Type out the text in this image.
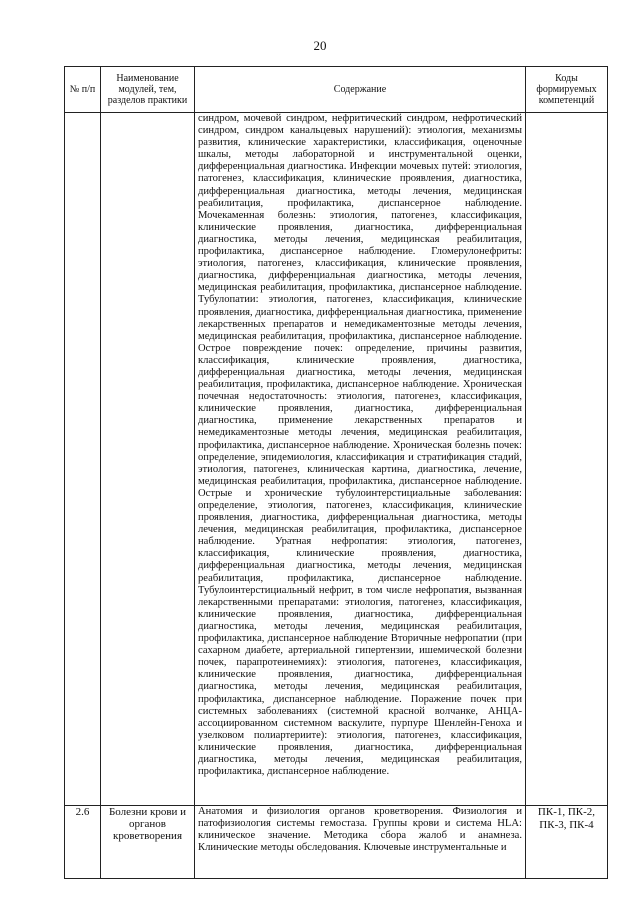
20
№ п/п	Наименование модулей, тем, разделов практики	Содержание	Коды формируемых компетенций
		синдром, мочевой синдром, нефритический синдром, нефротический синдром, синдром канальцевых нарушений): этиология, механизмы развития, клинические характеристики, классификация, оценочные шкалы, методы лабораторной и инструментальной оценки, дифференциальная диагностика. Инфекции мочевых путей: этиология, патогенез, классификация, клинические проявления, диагностика, дифференциальная диагностика, методы лечения, медицинская реабилитация, профилактика, диспансерное наблюдение. Мочекаменная болезнь: этиология, патогенез, классификация, клинические проявления, диагностика, дифференциальная диагностика, методы лечения, медицинская реабилитация, профилактика, диспансерное наблюдение. Гломерулонефриты: этиология, патогенез, классификация, клинические проявления, диагностика, дифференциальная диагностика, методы лечения, медицинская реабилитация, профилактика, диспансерное наблюдение. Тубулопатии: этиология, патогенез, классификация, клинические проявления, диагностика, дифференциальная диагностика, применение лекарственных препаратов и немедикаментозные методы лечения, медицинская реабилитация, профилактика, диспансерное наблюдение. Острое повреждение почек: определение, причины развития, классификация, клинические проявления, диагностика, дифференциальная диагностика, методы лечения, медицинская реабилитация, профилактика, диспансерное наблюдение. Хроническая почечная недостаточность: этиология, патогенез, классификация, клинические проявления, диагностика, дифференциальная диагностика, применение лекарственных препаратов и немедикаментозные методы лечения, медицинская реабилитация, профилактика, диспансерное наблюдение. Хроническая болезнь почек: определение, эпидемиология, классификация и стратификация стадий, этиология, патогенез, клиническая картина, диагностика, лечение, медицинская реабилитация, профилактика, диспансерное наблюдение. Острые и хронические тубулоинтерстициальные заболевания: определение, этиология, патогенез, классификация, клинические проявления, диагностика, дифференциальная диагностика, методы лечения, медицинская реабилитация, профилактика, диспансерное наблюдение. Уратная нефропатия: этиология, патогенез, классификация, клинические проявления, диагностика, дифференциальная диагностика, методы лечения, медицинская реабилитация, профилактика, диспансерное наблюдение. Тубулоинтерстициальный нефрит, в том числе нефропатия, вызванная лекарственными препаратами: этиология, патогенез, классификация, клинические проявления, диагностика, дифференциальная диагностика, методы лечения, медицинская реабилитация, профилактика, диспансерное наблюдение Вторичные нефропатии (при сахарном диабете, артериальной гипертензии, ишемической болезни почек, парапротеинемиях): этиология, патогенез, классификация, клинические проявления, диагностика, дифференциальная диагностика, методы лечения, медицинская реабилитация, профилактика, диспансерное наблюдение. Поражение почек при системных заболеваниях (системной красной волчанке, АНЦА-ассоциированном системном васкулите, пурпуре Шенлейн-Геноха и узелковом полиартериите): этиология, патогенез, классификация, клинические проявления, диагностика, дифференциальная диагностика, методы лечения, медицинская реабилитация, профилактика, диспансерное наблюдение.	
2.6	Болезни крови и органов кроветворения	Анатомия и физиология органов кроветворения. Физиология и патофизиология системы гемостаза. Группы крови и система HLA: клиническое значение. Методика сбора жалоб и анамнеза. Клинические методы обследования. Ключевые инструментальные и	ПК-1, ПК-2, ПК-3, ПК-4
